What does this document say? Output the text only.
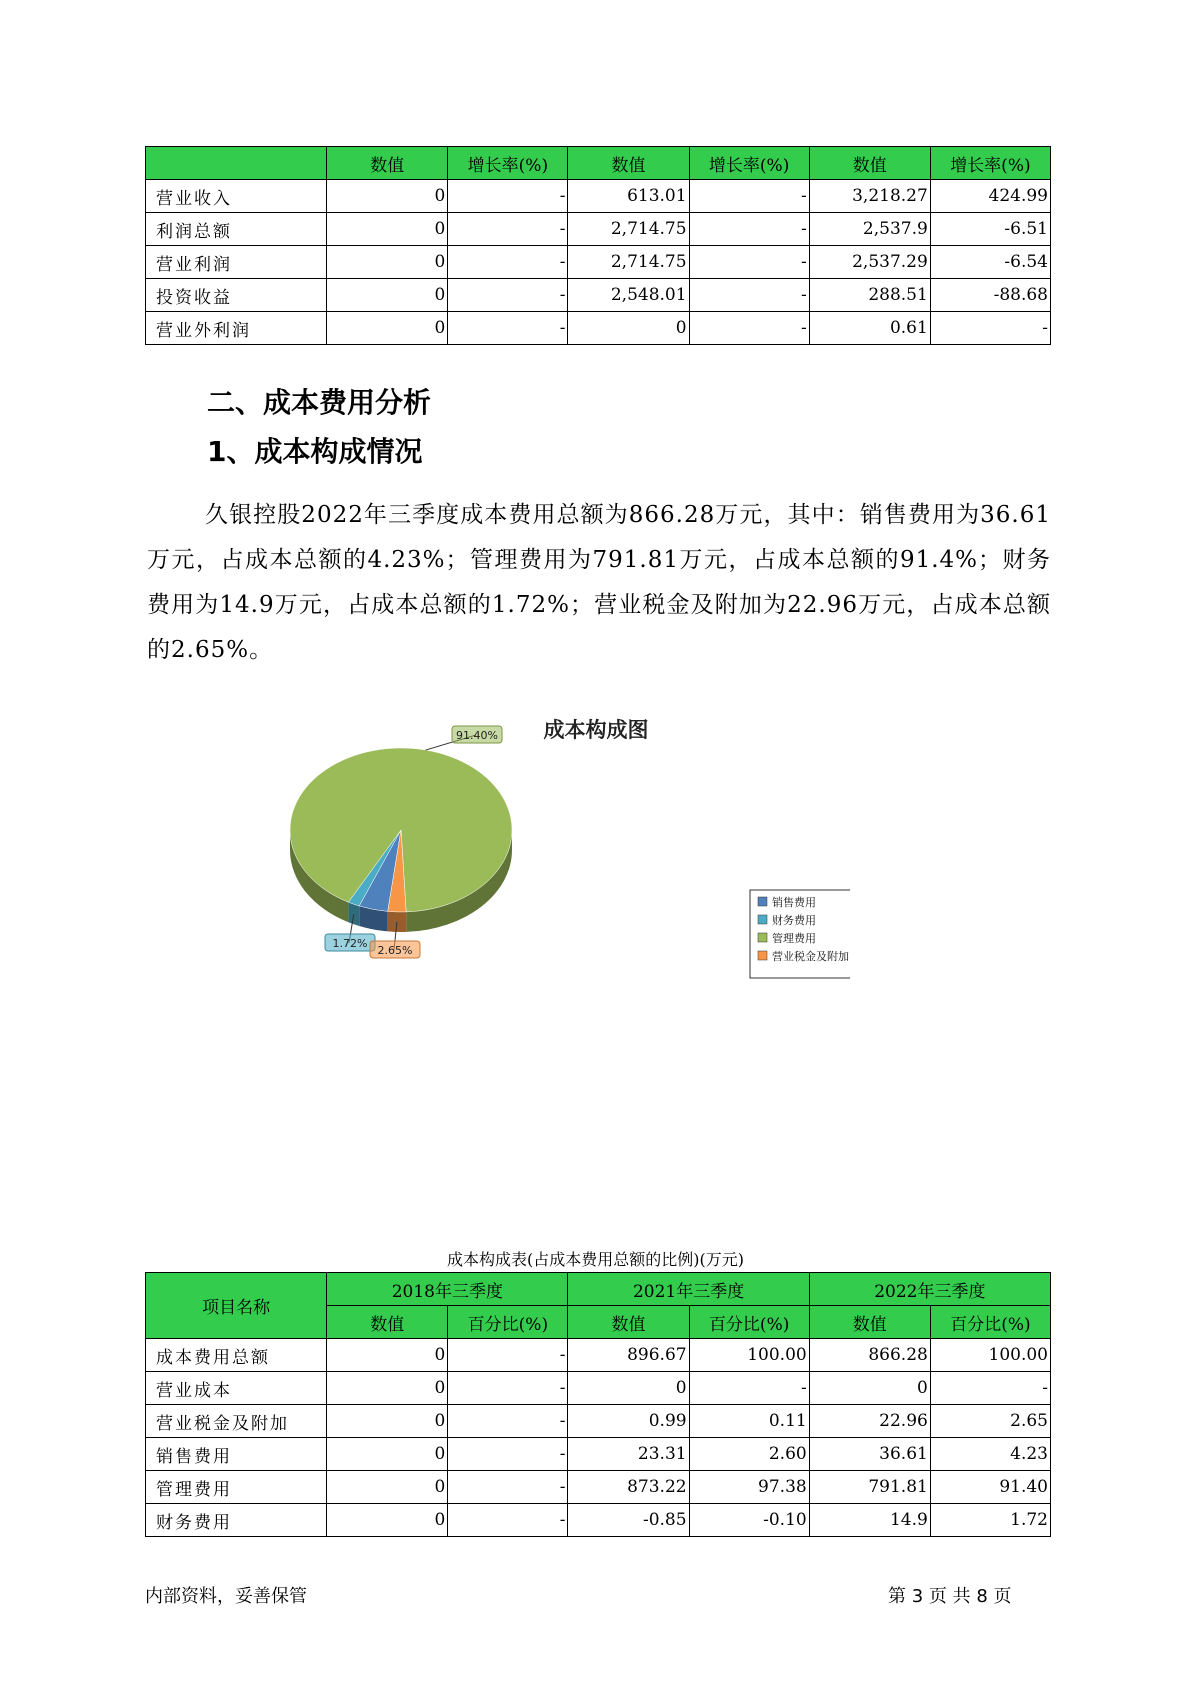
	数值	增长率(%)	数值	增长率(%)	数值	增长率(%)
营业收入	0	-	613.01	-	3,218.27	424.99
利润总额	0	-	2,714.75	-	2,537.9	-6.51
营业利润	0	-	2,714.75	-	2,537.29	-6.54
投资收益	0	-	2,548.01	-	288.51	-88.68
营业外利润	0	-	0	-	0.61	-
二、成本费用分析
1、成本构成情况

久银控股2022年三季度成本费用总额为866.28万元，其中：销售费用为36.61万元，占成本总额的4.23%；管理费用为791.81万元，占成本总额的91.4%；财务费用为14.9万元，占成本总额的1.72%；营业税金及附加为22.96万元，占成本总额的2.65%。

成本构成图
1.72%
91.40%
2.65%
销售费用
财务费用
管理费用
营业税金及附加
成本构成表(占成本费用总额的比例)(万元)
项目名称	2018年三季度		2021年三季度		2022年三季度	
	数值	百分比(%)	数值	百分比(%)	数值	百分比(%)
成本费用总额	0	-	896.67	100.00	866.28	100.00
营业成本	0	-	0	-	0	-
营业税金及附加	0	-	0.99	0.11	22.96	2.65
销售费用	0	-	23.31	2.60	36.61	4.23
管理费用	0	-	873.22	97.38	791.81	91.40
财务费用	0	-	-0.85	-0.10	14.9	1.72
内部资料，妥善保管	第 3 页 共 8 页
